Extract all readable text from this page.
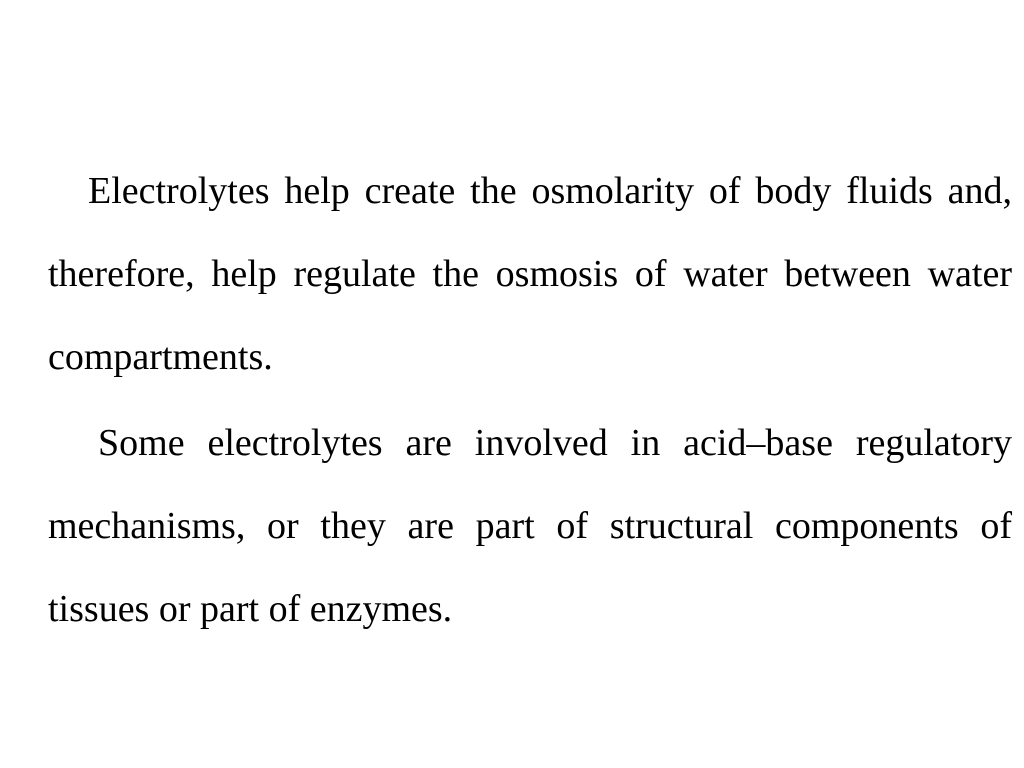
Electrolytes help create the osmolarity of body fluids and, therefore, help regulate the osmosis of water between water compartments.

Some electrolytes are involved in acid–base regulatory mechanisms, or they are part of structural components of tissues or part of enzymes.
